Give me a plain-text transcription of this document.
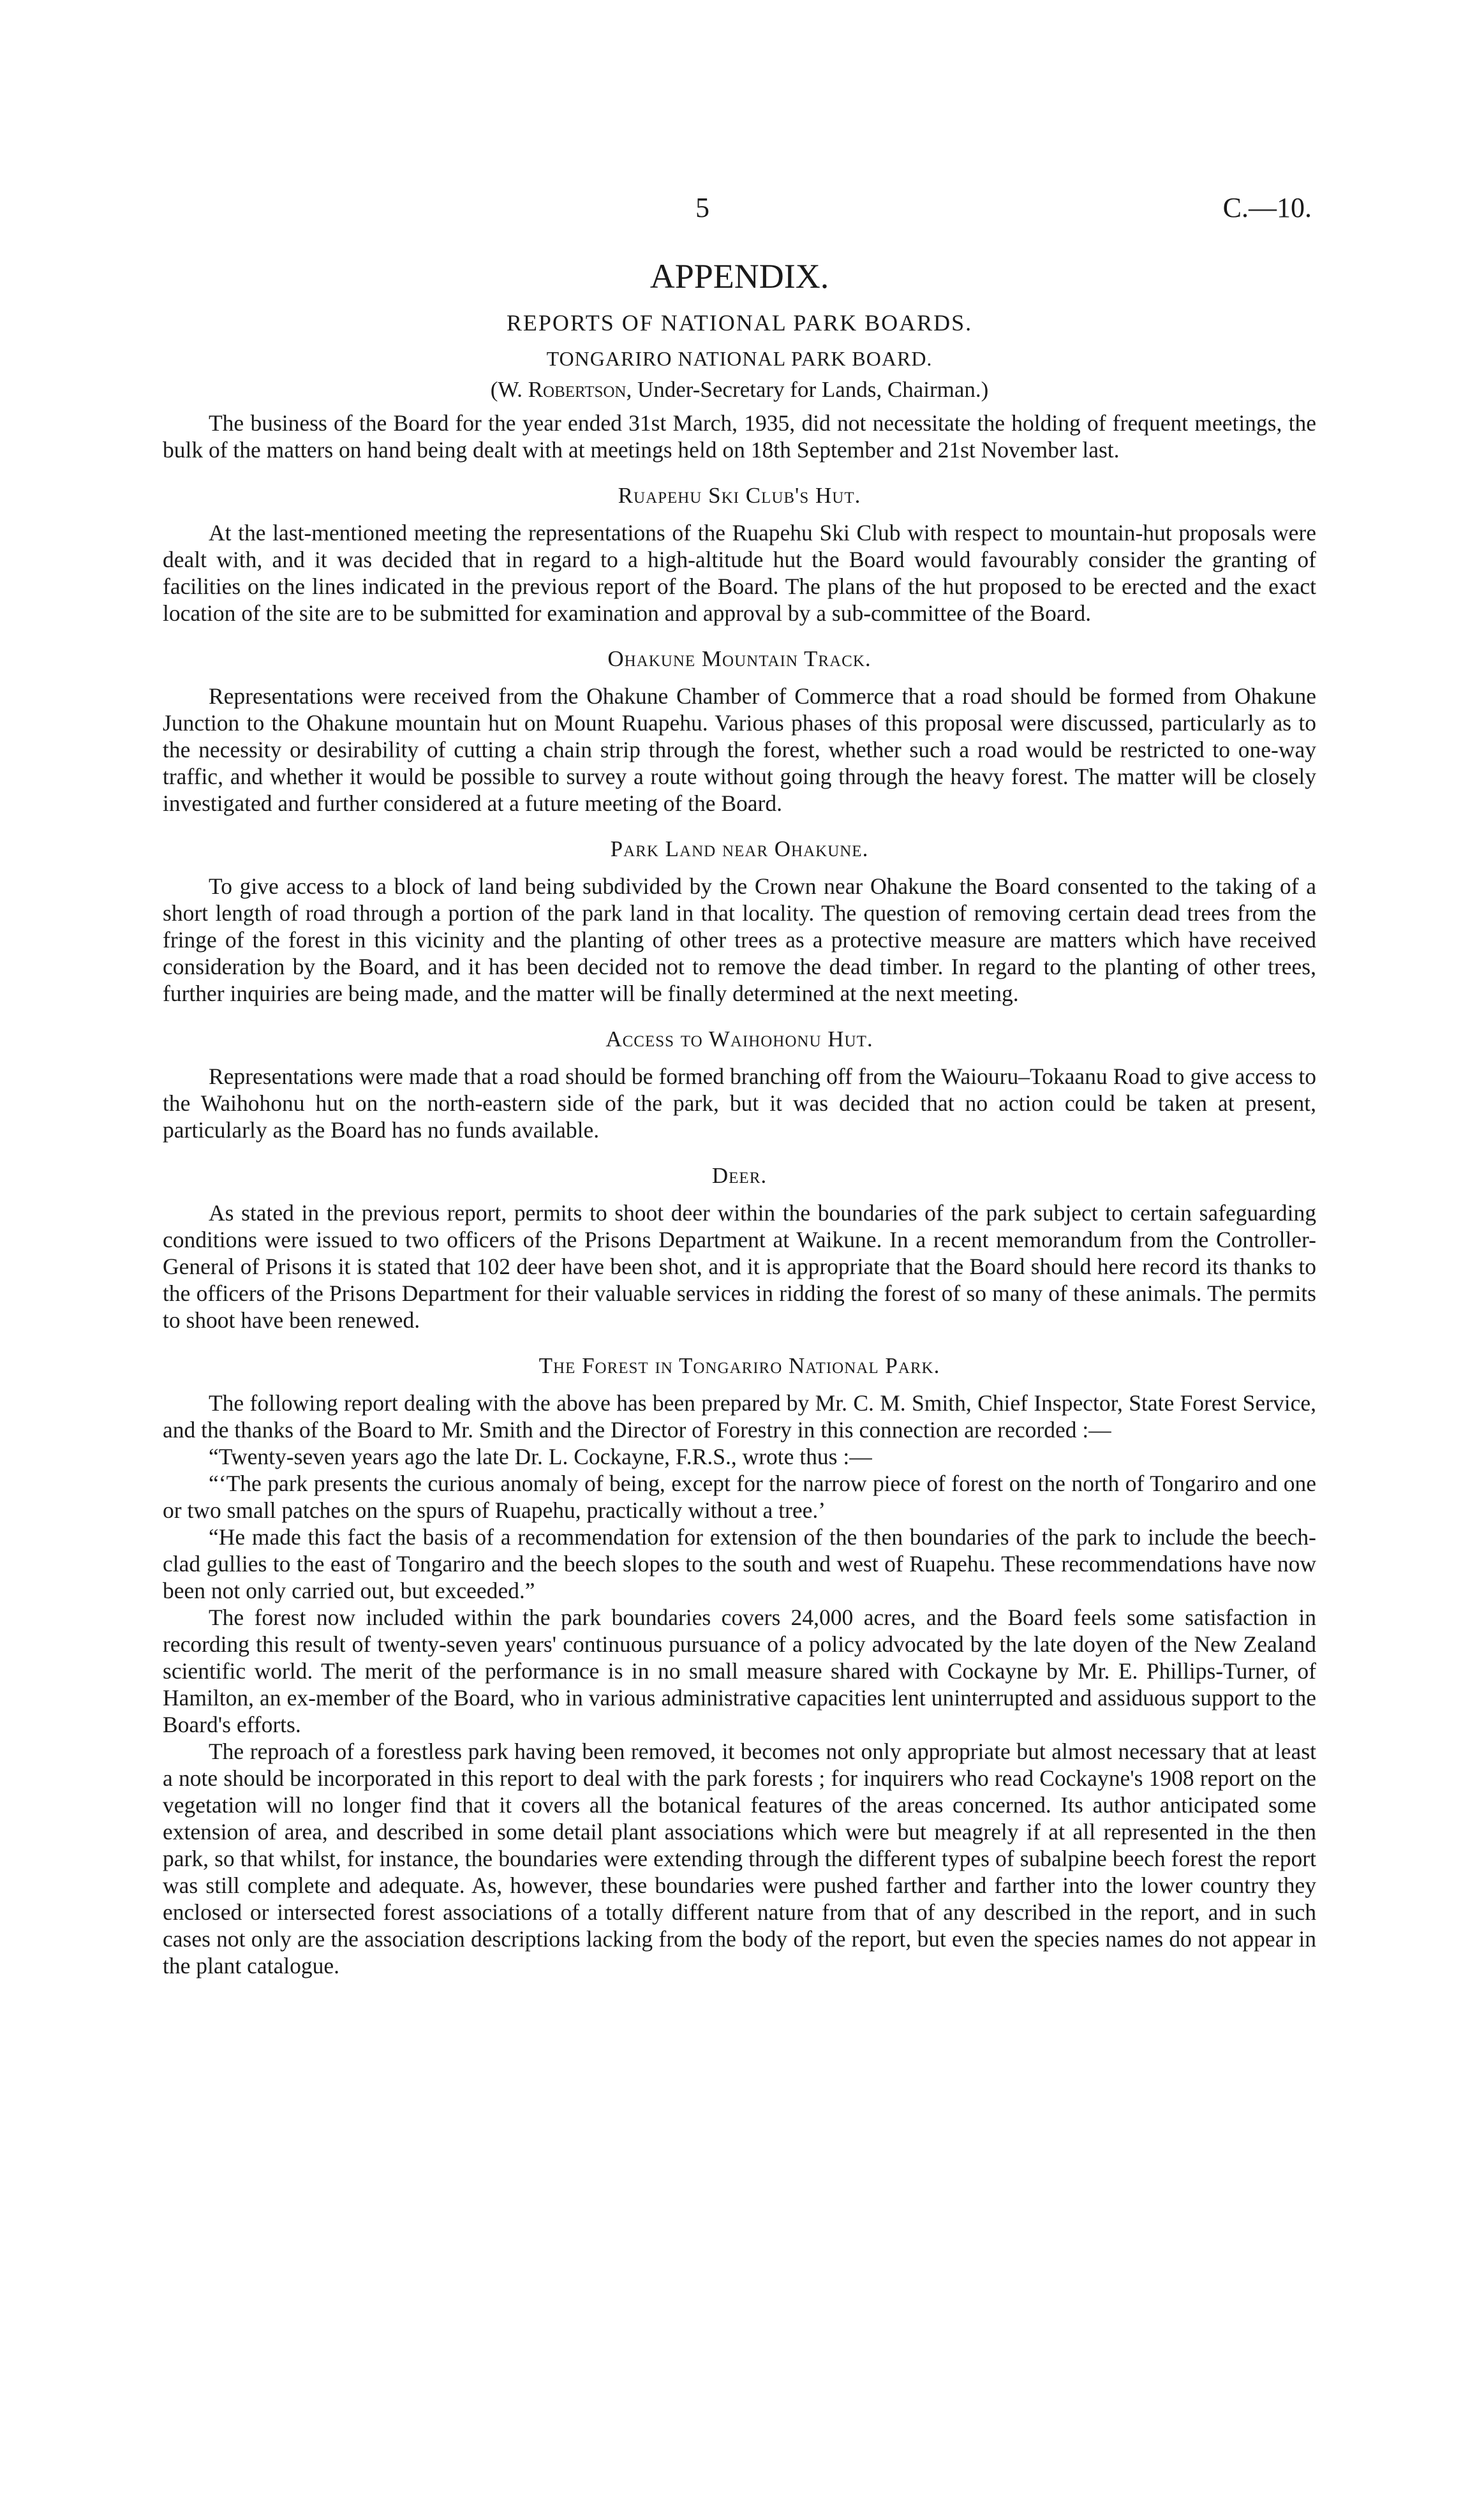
5	C.—10.
APPENDIX.
REPORTS OF NATIONAL PARK BOARDS.
TONGARIRO NATIONAL PARK BOARD.
(W. Robertson, Under-Secretary for Lands, Chairman.)

The business of the Board for the year ended 31st March, 1935, did not necessitate the holding of frequent meetings, the bulk of the matters on hand being dealt with at meetings held on 18th September and 21st November last.

Ruapehu Ski Club's Hut.

At the last-mentioned meeting the representations of the Ruapehu Ski Club with respect to mountain-hut proposals were dealt with, and it was decided that in regard to a high-altitude hut the Board would favourably consider the granting of facilities on the lines indicated in the previous report of the Board. The plans of the hut proposed to be erected and the exact location of the site are to be submitted for examination and approval by a sub-committee of the Board.

Ohakune Mountain Track.

Representations were received from the Ohakune Chamber of Commerce that a road should be formed from Ohakune Junction to the Ohakune mountain hut on Mount Ruapehu. Various phases of this proposal were discussed, particularly as to the necessity or desirability of cutting a chain strip through the forest, whether such a road would be restricted to one-way traffic, and whether it would be possible to survey a route without going through the heavy forest. The matter will be closely investigated and further considered at a future meeting of the Board.

Park Land near Ohakune.

To give access to a block of land being subdivided by the Crown near Ohakune the Board consented to the taking of a short length of road through a portion of the park land in that locality. The question of removing certain dead trees from the fringe of the forest in this vicinity and the planting of other trees as a protective measure are matters which have received consideration by the Board, and it has been decided not to remove the dead timber. In regard to the planting of other trees, further inquiries are being made, and the matter will be finally determined at the next meeting.

Access to Waihohonu Hut.

Representations were made that a road should be formed branching off from the Waiouru–Tokaanu Road to give access to the Waihohonu hut on the north-eastern side of the park, but it was decided that no action could be taken at present, particularly as the Board has no funds available.

Deer.

As stated in the previous report, permits to shoot deer within the boundaries of the park subject to certain safeguarding conditions were issued to two officers of the Prisons Department at Waikune. In a recent memorandum from the Controller-General of Prisons it is stated that 102 deer have been shot, and it is appropriate that the Board should here record its thanks to the officers of the Prisons Department for their valuable services in ridding the forest of so many of these animals. The permits to shoot have been renewed.

The Forest in Tongariro National Park.

The following report dealing with the above has been prepared by Mr. C. M. Smith, Chief Inspector, State Forest Service, and the thanks of the Board to Mr. Smith and the Director of Forestry in this connection are recorded :—

“Twenty-seven years ago the late Dr. L. Cockayne, F.R.S., wrote thus :—

“‘The park presents the curious anomaly of being, except for the narrow piece of forest on the north of Tongariro and one or two small patches on the spurs of Ruapehu, practically without a tree.’

“He made this fact the basis of a recommendation for extension of the then boundaries of the park to include the beech-clad gullies to the east of Tongariro and the beech slopes to the south and west of Ruapehu. These recommendations have now been not only carried out, but exceeded.”

The forest now included within the park boundaries covers 24,000 acres, and the Board feels some satisfaction in recording this result of twenty-seven years' continuous pursuance of a policy advocated by the late doyen of the New Zealand scientific world. The merit of the performance is in no small measure shared with Cockayne by Mr. E. Phillips-Turner, of Hamilton, an ex-member of the Board, who in various administrative capacities lent uninterrupted and assiduous support to the Board's efforts.

The reproach of a forestless park having been removed, it becomes not only appropriate but almost necessary that at least a note should be incorporated in this report to deal with the park forests ; for inquirers who read Cockayne's 1908 report on the vegetation will no longer find that it covers all the botanical features of the areas concerned. Its author anticipated some extension of area, and described in some detail plant associations which were but meagrely if at all represented in the then park, so that whilst, for instance, the boundaries were extending through the different types of subalpine beech forest the report was still complete and adequate. As, however, these boundaries were pushed farther and farther into the lower country they enclosed or intersected forest associations of a totally different nature from that of any described in the report, and in such cases not only are the association descriptions lacking from the body of the report, but even the species names do not appear in the plant catalogue.
